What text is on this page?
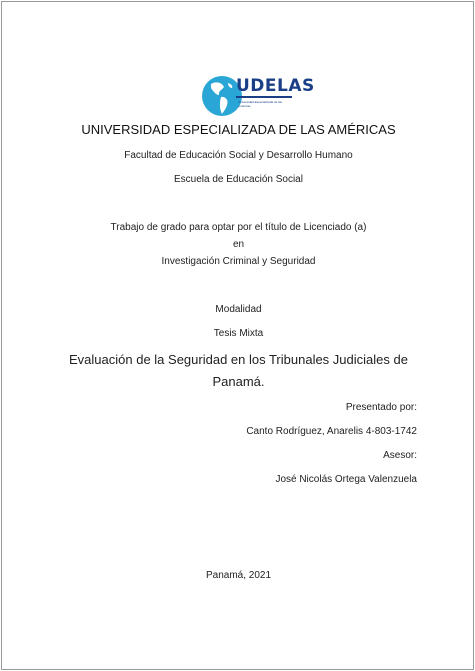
UDELAS
Universidad Especializada de las Américas
UNIVERSIDAD ESPECIALIZADA DE LAS AMÉRICAS
Facultad de Educación Social y Desarrollo Humano
Escuela de Educación Social
Trabajo de grado para optar por el título de Licenciado (a)
en
Investigación Criminal y Seguridad
Modalidad
Tesis Mixta
Evaluación de la Seguridad en los Tribunales Judiciales de
Panamá.
Presentado por:
Canto Rodríguez, Anarelis 4-803-1742
Asesor:
José Nicolás Ortega Valenzuela
Panamá, 2021
